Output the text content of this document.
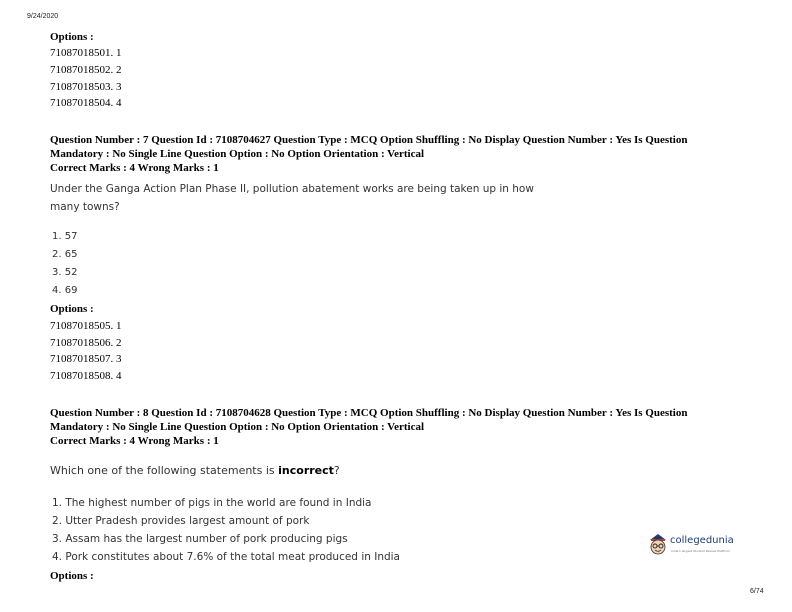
9/24/2020
Options :
71087018501. 1
71087018502. 2
71087018503. 3
71087018504. 4
Question Number : 7 Question Id : 7108704627 Question Type : MCQ Option Shuffling : No Display Question Number : Yes Is Question
Mandatory : No Single Line Question Option : No Option Orientation : Vertical
Correct Marks : 4 Wrong Marks : 1
Under the Ganga Action Plan Phase II, pollution abatement works are being taken up in how many towns?
1. 57
2. 65
3. 52
4. 69
Options :
71087018505. 1
71087018506. 2
71087018507. 3
71087018508. 4
Question Number : 8 Question Id : 7108704628 Question Type : MCQ Option Shuffling : No Display Question Number : Yes Is Question
Mandatory : No Single Line Question Option : No Option Orientation : Vertical
Correct Marks : 4 Wrong Marks : 1
Which one of the following statements is incorrect?
1. The highest number of pigs in the world are found in India
2. Utter Pradesh provides largest amount of pork
3. Assam has the largest number of pork producing pigs
4. Pork constitutes about 7.6% of the total meat produced in India
Options :
collegedunia
India's largest Student Review Platform
6/74
